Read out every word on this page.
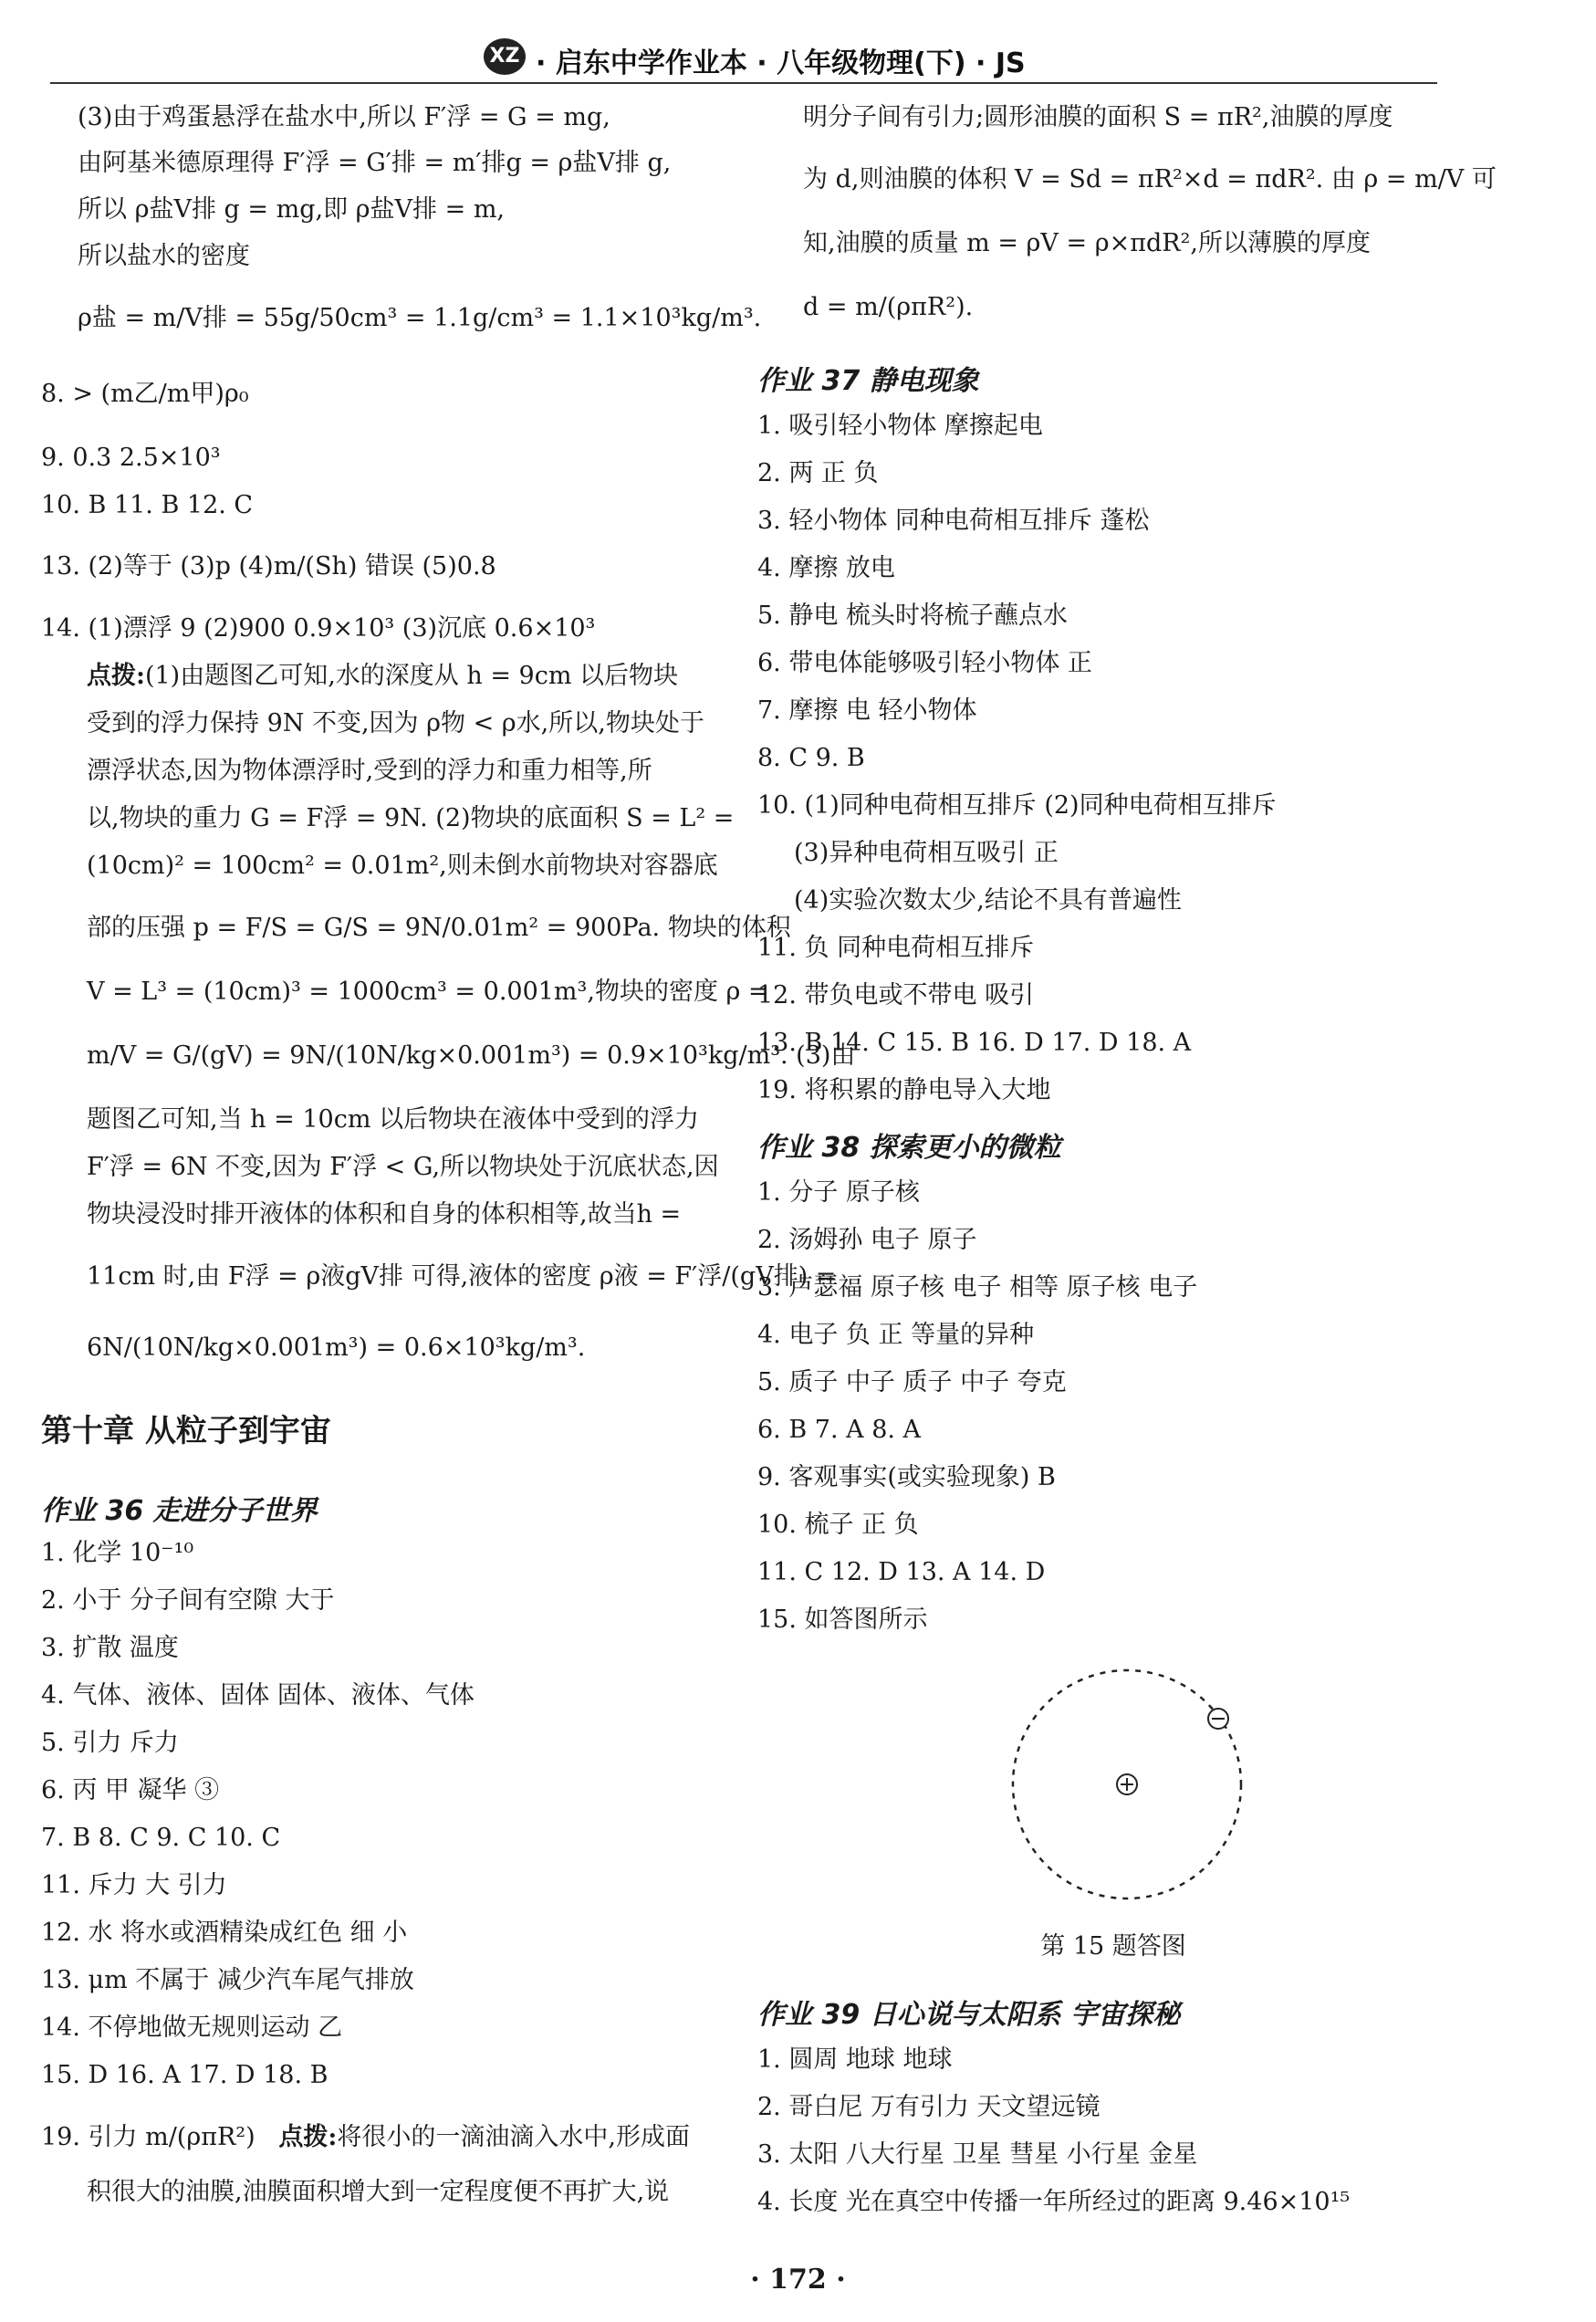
XZ · 启东中学作业本 · 八年级物理(下) · JS
(3)由于鸡蛋悬浮在盐水中,所以 F′浮 = G = mg,
由阿基米德原理得 F′浮 = G′排 = m′排g = ρ盐V排 g,
所以 ρ盐V排 g = mg,即 ρ盐V排 = m,
所以盐水的密度
ρ盐 = m/V排 = 55g/50cm³ = 1.1g/cm³ = 1.1×10³kg/m³.
8. > (m乙/m甲)ρ₀
9. 0.3 2.5×10³
10. B 11. B 12. C
13. (2)等于 (3)p (4)m/(Sh) 错误 (5)0.8
14. (1)漂浮 9 (2)900 0.9×10³ (3)沉底 0.6×10³
点拨:(1)由题图乙可知,水的深度从 h = 9cm 以后物块
受到的浮力保持 9N 不变,因为 ρ物 < ρ水,所以,物块处于
漂浮状态,因为物体漂浮时,受到的浮力和重力相等,所
以,物块的重力 G = F浮 = 9N. (2)物块的底面积 S = L² =
(10cm)² = 100cm² = 0.01m²,则未倒水前物块对容器底
部的压强 p = F/S = G/S = 9N/0.01m² = 900Pa. 物块的体积
V = L³ = (10cm)³ = 1000cm³ = 0.001m³,物块的密度 ρ =
m/V = G/(gV) = 9N/(10N/kg×0.001m³) = 0.9×10³kg/m³. (3)由
题图乙可知,当 h = 10cm 以后物块在液体中受到的浮力
F′浮 = 6N 不变,因为 F′浮 < G,所以物块处于沉底状态,因
物块浸没时排开液体的体积和自身的体积相等,故当h =
11cm 时,由 F浮 = ρ液gV排 可得,液体的密度 ρ液 = F′浮/(gV排) =
6N/(10N/kg×0.001m³) = 0.6×10³kg/m³.
第十章 从粒子到宇宙
作业 36 走进分子世界
1. 化学 10⁻¹⁰
2. 小于 分子间有空隙 大于
3. 扩散 温度
4. 气体、液体、固体 固体、液体、气体
5. 引力 斥力
6. 丙 甲 凝华 ③
7. B 8. C 9. C 10. C
11. 斥力 大 引力
12. 水 将水或酒精染成红色 细 小
13. μm 不属于 减少汽车尾气排放
14. 不停地做无规则运动 乙
15. D 16. A 17. D 18. B
19. 引力 m/(ρπR²) 点拨:将很小的一滴油滴入水中,形成面
积很大的油膜,油膜面积增大到一定程度便不再扩大,说
明分子间有引力;圆形油膜的面积 S = πR²,油膜的厚度
为 d,则油膜的体积 V = Sd = πR²×d = πdR². 由 ρ = m/V 可
知,油膜的质量 m = ρV = ρ×πdR²,所以薄膜的厚度
d = m/(ρπR²).
作业 37 静电现象
1. 吸引轻小物体 摩擦起电
2. 两 正 负
3. 轻小物体 同种电荷相互排斥 蓬松
4. 摩擦 放电
5. 静电 梳头时将梳子蘸点水
6. 带电体能够吸引轻小物体 正
7. 摩擦 电 轻小物体
8. C 9. B
10. (1)同种电荷相互排斥 (2)同种电荷相互排斥
(3)异种电荷相互吸引 正
(4)实验次数太少,结论不具有普遍性
11. 负 同种电荷相互排斥
12. 带负电或不带电 吸引
13. B 14. C 15. B 16. D 17. D 18. A
19. 将积累的静电导入大地
作业 38 探索更小的微粒
1. 分子 原子核
2. 汤姆孙 电子 原子
3. 卢瑟福 原子核 电子 相等 原子核 电子
4. 电子 负 正 等量的异种
5. 质子 中子 质子 中子 夸克
6. B 7. A 8. A
9. 客观事实(或实验现象) B
10. 梳子 正 负
11. C 12. D 13. A 14. D
15. 如答图所示
第 15 题答图
作业 39 日心说与太阳系 宇宙探秘
1. 圆周 地球 地球
2. 哥白尼 万有引力 天文望远镜
3. 太阳 八大行星 卫星 彗星 小行星 金星
4. 长度 光在真空中传播一年所经过的距离 9.46×10¹⁵
· 172 ·
